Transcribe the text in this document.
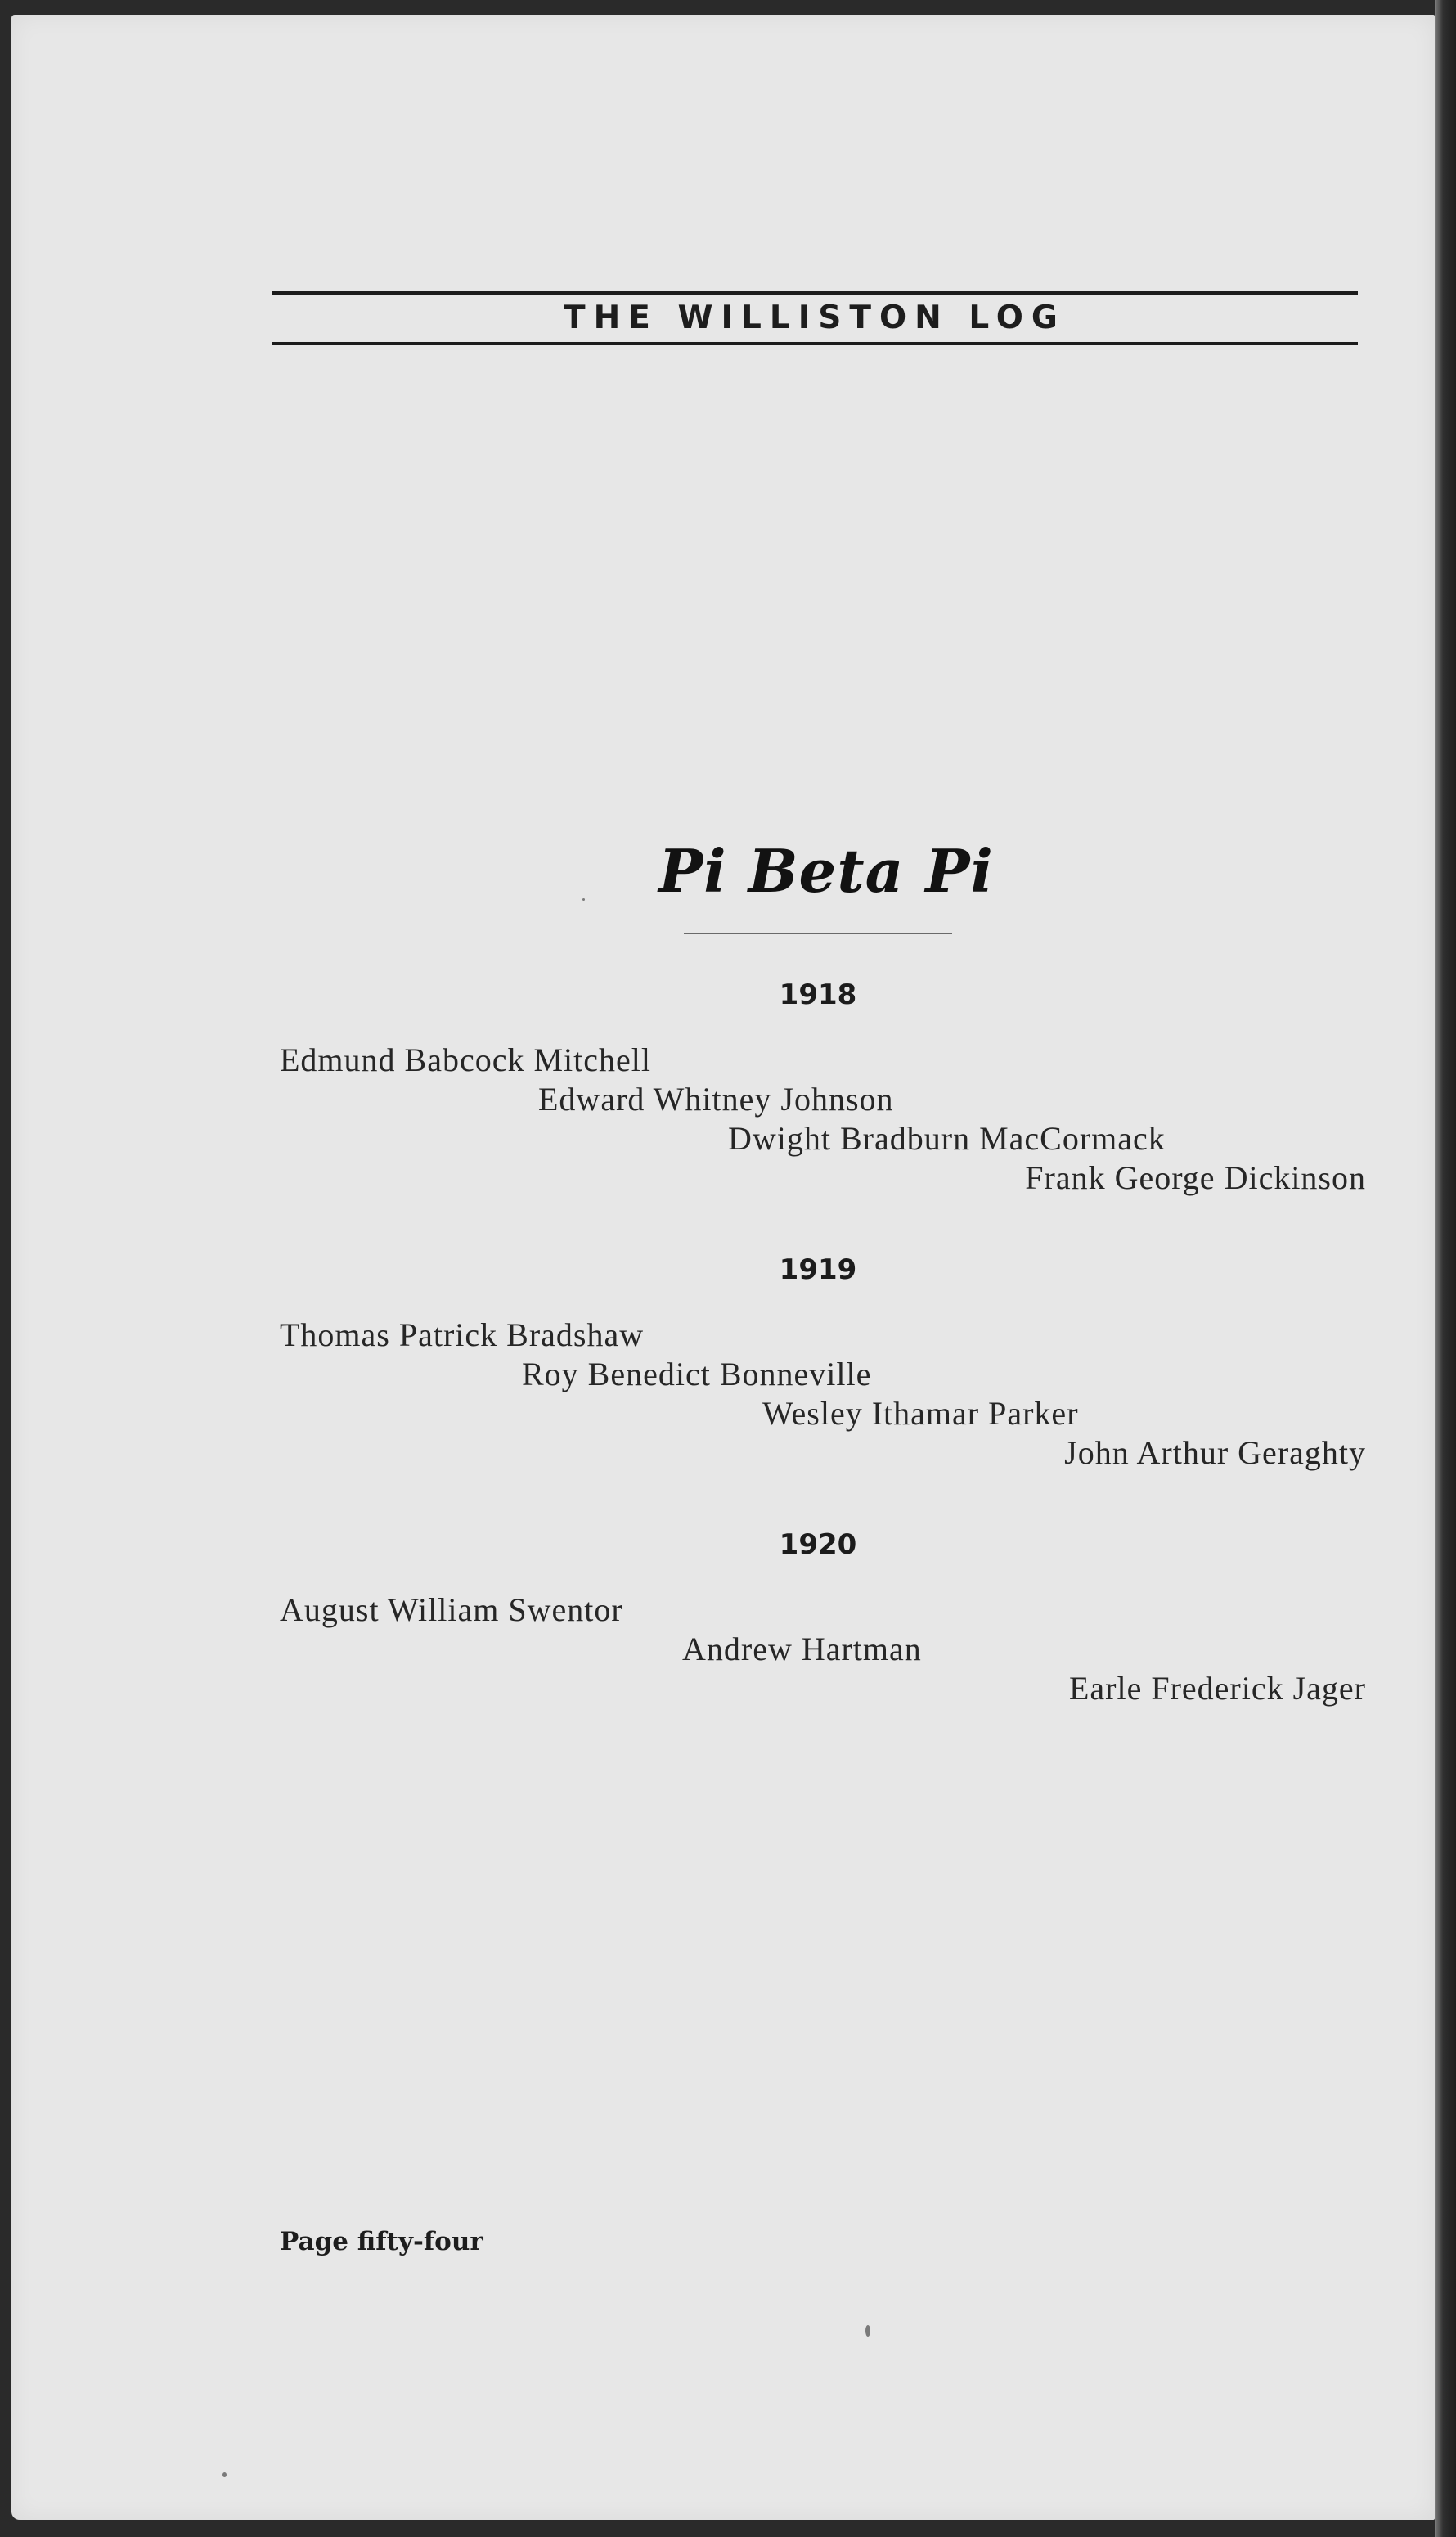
THE WILLISTON LOG
Pi Beta Pi
1918
Edmund Babcock Mitchell
Edward Whitney Johnson
Dwight Bradburn MacCormack
Frank George Dickinson
1919
Thomas Patrick Bradshaw
Roy Benedict Bonneville
Wesley Ithamar Parker
John Arthur Geraghty
1920
August William Swentor
Andrew Hartman
Earle Frederick Jager
Page fifty-four
